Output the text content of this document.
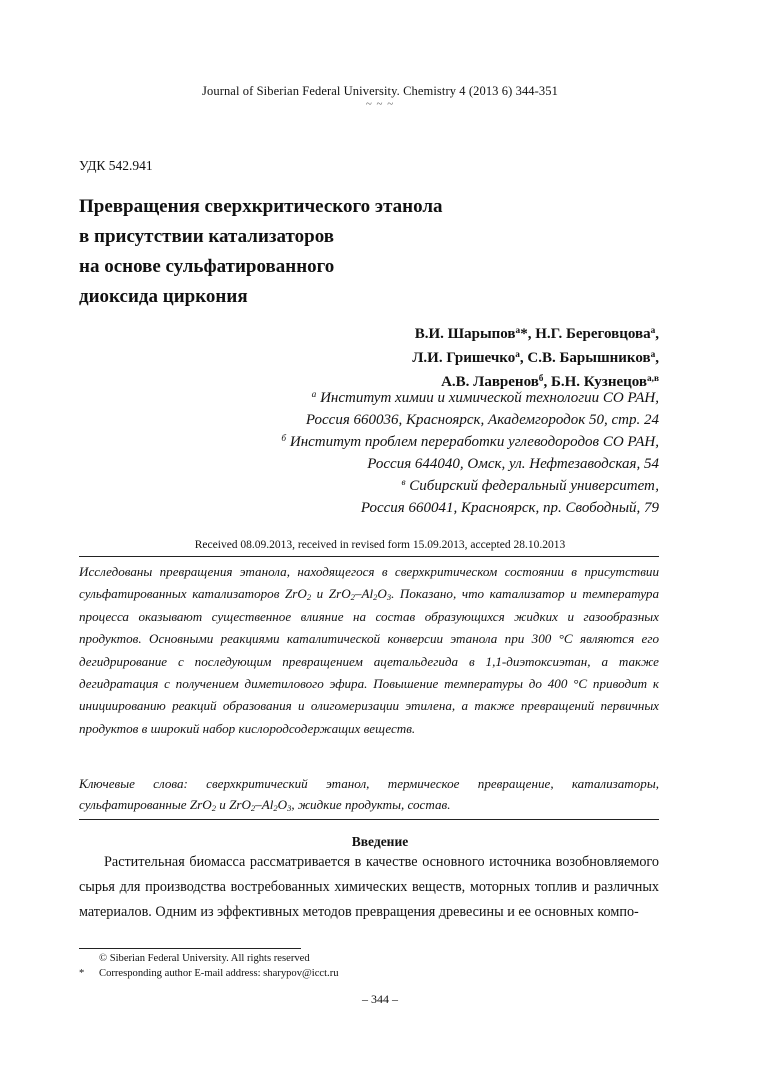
Journal of Siberian Federal University. Chemistry 4 (2013 6) 344-351
~ ~ ~
УДК 542.941
Превращения сверхкритического этанола
в присутствии катализаторов
на основе сульфатированного
диоксида циркония
В.И. Шарыпов$^а$*, Н.Г. Береговцова$^а$,
Л.И. Гришечко$^а$, С.В. Барышников$^а$,
А.В. Лавренов$^б$, Б.Н. Кузнецов$^{а,в}$
$^а$ Институт химии и химической технологии СО РАН,
Россия 660036, Красноярск, Академгородок 50, стр. 24
$^б$ Институт проблем переработки углеводородов СО РАН,
Россия 644040, Омск, ул. Нефтезаводская, 54
$^в$ Сибирский федеральный университет,
Россия 660041, Красноярск, пр. Свободный, 79
Received 08.09.2013, received in revised form 15.09.2013, accepted 28.10.2013
Исследованы превращения этанола, находящегося в сверхкритическом состоянии в присутствии сульфатированных катализаторов ZrO$_2$ и $ZrO_2-Al_2O_3$. Показано, что катализатор и температура процесса оказывают существенное влияние на состав образующихся жидких и газообразных продуктов. Основными реакциями каталитической конверсии этанола при 300 °С являются его дегидрирование с последующим превращением ацетальдегида в 1,1-диэтоксиэтан, а также дегидратация с получением диметилового эфира. Повышение температуры до 400 °С приводит к инициированию реакций образования и олигомеризации этилена, а также превращений первичных продуктов в широкий набор кислородсодержащих веществ.
Ключевые слова: сверхкритический этанол, термическое превращение, катализаторы, сульфатированные ZrO$_2$ и $ZrO_2-Al_2O_3$, жидкие продукты, состав.
Введение

Растительная биомасса рассматривается в качестве основного источника возобновляемого сырья для производства востребованных химических веществ, моторных топлив и различных материалов. Одним из эффективных методов превращения древесины и ее основных компо-

© Siberian Federal University. All rights reserved
* Corresponding author E-mail address: sharypov@icct.ru
– 344 –
